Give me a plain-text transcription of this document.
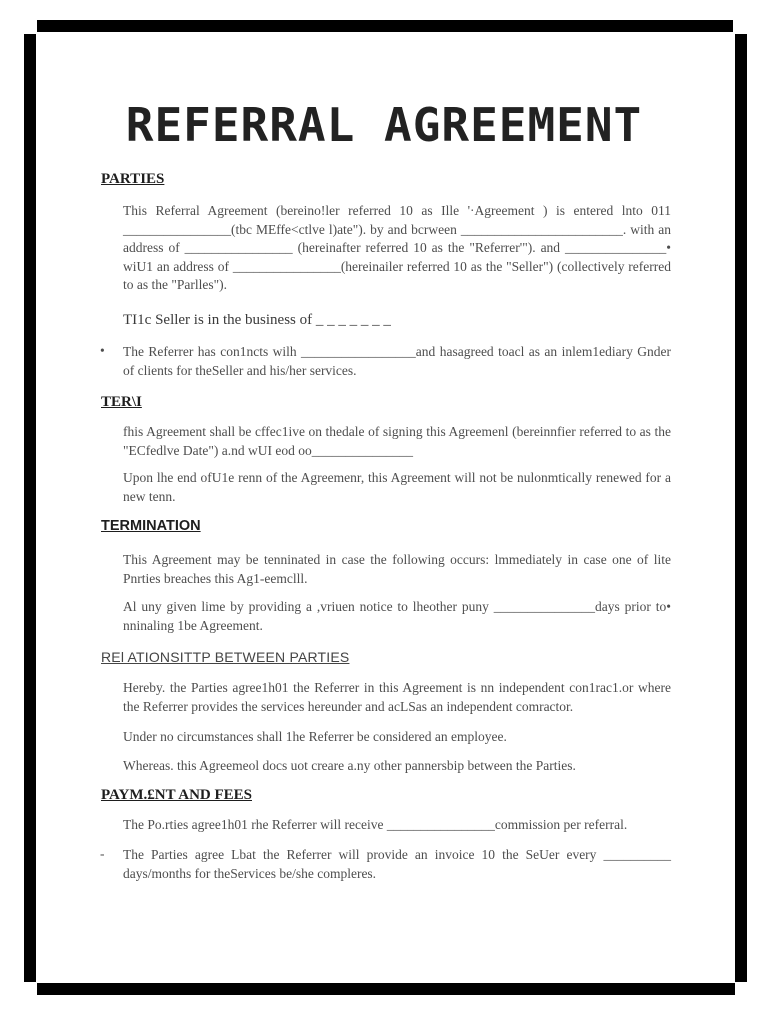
REFERRAL AGREEMENT
PARTIES

This Referral Agreement (bereino!ler referred 10 as Ille '·Agreement ) is entered lnto 011 ________________(tbc MEffe<ctlve l)ate"). by and bcrween ________________________. with an address of ________________ (hereinafter referred 10 as the "Referrer'"). and _______________• wiU1 an address of ________________(hereinailer referred 10 as the "Seller") (collectively referred to as the "Parlles").

TI1c Seller is in the business of _ _ _ _ _ _ _

• The Referrer has con1ncts wilh _________________and hasagreed toacl as an inlem1ediary Gnder of clients for theSeller and his/her services.

TER\I

fhis Agreement shall be cffec1ive on thedale of signing this Agreemenl (bereinnfier referred to as the "ECfedlve Date") a.nd wUI eod oo_______________

Upon lhe end ofU1e renn of the Agreemenr, this Agreement will not be nulonmtically renewed for a new tenn.

TERMINATION

This Agreement may be tenninated in case the following occurs: lmmediately in case one of lite Pnrties breaches this Ag1-eemclll.

Al uny given lime by providing a ,vriuen notice to lheother puny _______________days prior to• nninaling 1be Agreement.

REl ATIONSITTP BETWEEN PARTIES

Hereby. the Parties agree1h01 the Referrer in this Agreement is nn independent con1rac1.or where the Referrer provides the services hereunder and acLSas an independent comractor.

Under no circumstances shall 1he Referrer be considered an employee.

Whereas. this Agreemeol docs uot creare a.ny other pannersbip between the Parties.

PAYM.£NT AND FEES

The Po.rties agree1h01 rhe Referrer will receive ________________commission per referral.

- The Parties agree Lbat the Referrer will provide an invoice 10 the SeUer every __________ days/months for theServices be/she compleres.
